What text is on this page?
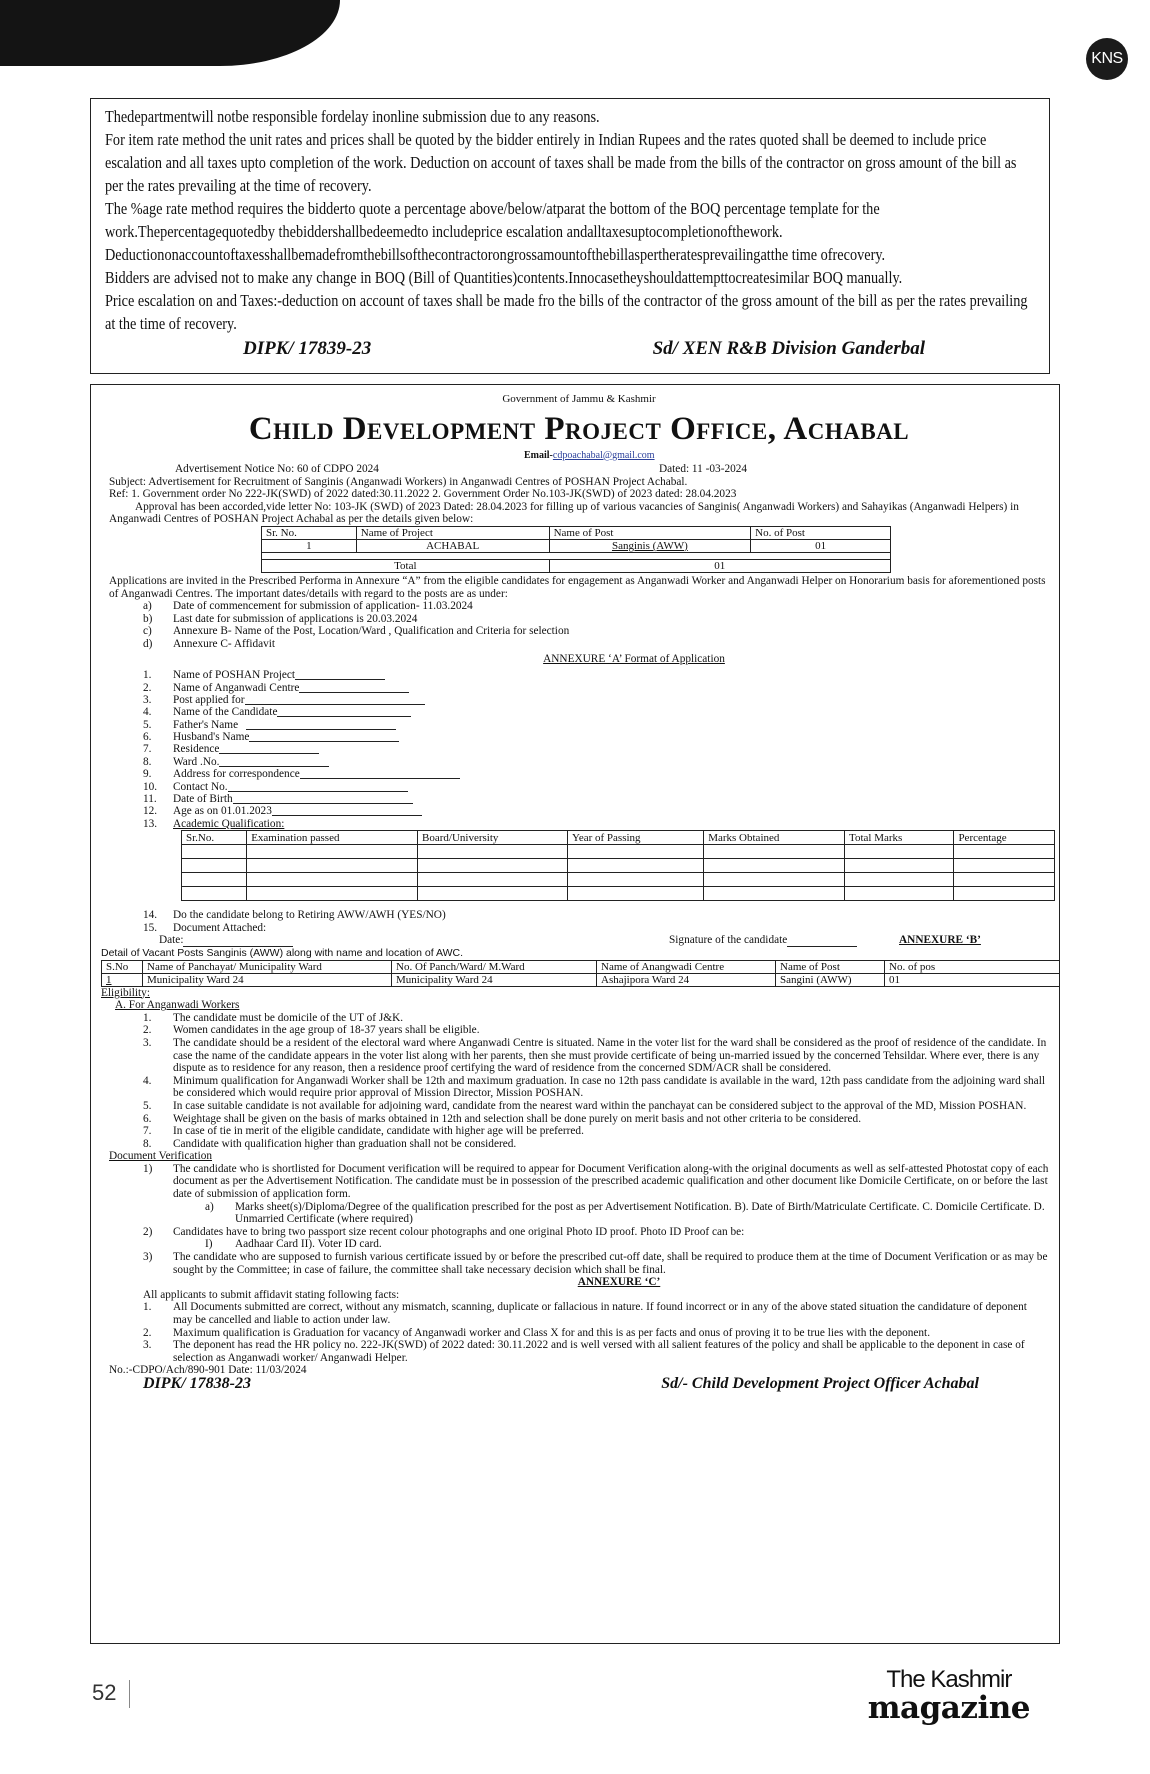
KNS

Thedepartmentwill notbe responsible fordelay inonline submission due to any reasons.

For item rate method the unit rates and prices shall be quoted by the bidder entirely in Indian Rupees and the rates quoted shall be deemed to include price escalation and all taxes upto completion of the work. Deduction on account of taxes shall be made from the bills of the contractor on gross amount of the bill as per the rates prevailing at the time of recovery.

The %age rate method requires the bidderto quote a percentage above/below/atparat the bottom of the BOQ percentage template for the work.Thepercentagequotedby thebiddershallbedeemedto includeprice escalation andalltaxesuptocompletionofthework.

Deductiononaccountoftaxesshallbemadefromthebillsofthecontractorongrossamountofthebillaspertheratesprevailingatthe time ofrecovery.

Bidders are advised not to make any change in BOQ (Bill of Quantities)contents.Innocasetheyshouldattempttocreatesimilar BOQ manually.

Price escalation on and Taxes:-deduction on account of taxes shall be made fro the bills of the contractor of the gross amount of the bill as per the rates prevailing at the time of recovery.

DIPK/ 17839-23	Sd/ XEN R&B Division Ganderbal
Government of Jammu & Kashmir
Child Development Project Office, Achabal
Email-cdpoachabal@gmail.com
Advertisement Notice No: 60 of CDPO 2024	Dated: 11 -03-2024
Subject: Advertisement for Recruitment of Sanginis (Anganwadi Workers) in Anganwadi Centres of POSHAN Project Achabal.
Ref: 1. Government order No 222-JK(SWD) of 2022 dated:30.11.2022 2. Government Order No.103-JK(SWD) of 2023 dated: 28.04.2023
Approval has been accorded,vide letter No: 103-JK (SWD) of 2023 Dated: 28.04.2023 for filling up of various vacancies of Sanginis( Anganwadi Workers) and Sahayikas (Anganwadi Helpers) in Anganwadi Centres of POSHAN Project Achabal as per the details given below:
Sr. No.	Name of Project	Name of Post	No. of Post
1	ACHABAL	Sanginis (AWW)	01

Total		01	
Applications are invited in the Prescribed Performa in Annexure “A” from the eligible candidates for engagement as Anganwadi Worker and Anganwadi Helper on Honorarium basis for aforementioned posts of Anganwadi Centres. The important dates/details with regard to the posts are as under:
a)	Date of commencement for submission of application- 11.03.2024
b)	Last date for submission of applications is 20.03.2024
c)	Annexure B- Name of the Post, Location/Ward , Qualification and Criteria for selection
d)	Annexure C- Affidavit
ANNEXURE ‘A’ Format of Application
1.	Name of POSHAN Project
2.	Name of Anganwadi Centre
3.	Post applied for
4.	Name of the Candidate
5.	Father's Name
6.	Husband's Name
7.	Residence
8.	Ward .No.
9.	Address for correspondence
10.	Contact No.
11.	Date of Birth
12.	Age as on 01.01.2023
13.	Academic Qualification:
Sr.No.	Examination passed	Board/University	Year of Passing	Marks Obtained	Total Marks	Percentage

14.	Do the candidate belong to Retiring AWW/AWH (YES/NO)
15.	Document Attached:
Date:	Signature of the candidate	ANNEXURE ‘B’
Detail of Vacant Posts Sanginis (AWW) along with name and location of AWC.
S.No	Name of Panchayat/ Municipality Ward	No. Of Panch/Ward/ M.Ward	Name of Anangwadi Centre	Name of Post	No. of pos
1	Municipality Ward 24	Municipality Ward 24	Ashajipora Ward 24	Sangini (AWW)	01
Eligibility:
A. For Anganwadi Workers
1.	The candidate must be domicile of the UT of J&K.
2.	Women candidates in the age group of 18-37 years shall be eligible.
3.	The candidate should be a resident of the electoral ward where Anganwadi Centre is situated. Name in the voter list for the ward shall be considered as the proof of residence of the candidate. In case the name of the candidate appears in the voter list along with her parents, then she must provide certificate of being un-married issued by the concerned Tehsildar. Where ever, there is any dispute as to residence for any reason, then a residence proof certifying the ward of residence from the concerned SDM/ACR shall be considered.
4.	Minimum qualification for Anganwadi Worker shall be 12th and maximum graduation. In case no 12th pass candidate is available in the ward, 12th pass candidate from the adjoining ward shall be considered which would require prior approval of Mission Director, Mission POSHAN.
5.	In case suitable candidate is not available for adjoining ward, candidate from the nearest ward within the panchayat can be considered subject to the approval of the MD, Mission POSHAN.
6.	Weightage shall be given on the basis of marks obtained in 12th and selection shall be done purely on merit basis and not other criteria to be considered.
7.	In case of tie in merit of the eligible candidate, candidate with higher age will be preferred.
8.	Candidate with qualification higher than graduation shall not be considered.
Document Verification
1)	The candidate who is shortlisted for Document verification will be required to appear for Document Verification along-with the original documents as well as self-attested Photostat copy of each document as per the Advertisement Notification. The candidate must be in possession of the prescribed academic qualification and other document like Domicile Certificate, on or before the last date of submission of application form.
a)	Marks sheet(s)/Diploma/Degree of the qualification prescribed for the post as per Advertisement Notification. B). Date of Birth/Matriculate Certificate. C. Domicile Certificate. D. Unmarried Certificate (where required)
2)	Candidates have to bring two passport size recent colour photographs and one original Photo ID proof. Photo ID Proof can be:
I)	Aadhaar Card II). Voter ID card.
3)	The candidate who are supposed to furnish various certificate issued by or before the prescribed cut-off date, shall be required to produce them at the time of Document Verification or as may be sought by the Committee; in case of failure, the committee shall take necessary decision which shall be final.
ANNEXURE ‘C’
All applicants to submit affidavit stating following facts:
1.	All Documents submitted are correct, without any mismatch, scanning, duplicate or fallacious in nature. If found incorrect or in any of the above stated situation the candidature of deponent may be cancelled and liable to action under law.
2.	Maximum qualification is Graduation for vacancy of Anganwadi worker and Class X for and this is as per facts and onus of proving it to be true lies with the deponent.
3.	The deponent has read the HR policy no. 222-JK(SWD) of 2022 dated: 30.11.2022 and is well versed with all salient features of the policy and shall be applicable to the deponent in case of selection as Anganwadi worker/ Anganwadi Helper.
No.:-CDPO/Ach/890-901 Date: 11/03/2024
DIPK/ 17838-23	Sd/- Child Development Project Officer Achabal
52	The Kashmir
magazine
